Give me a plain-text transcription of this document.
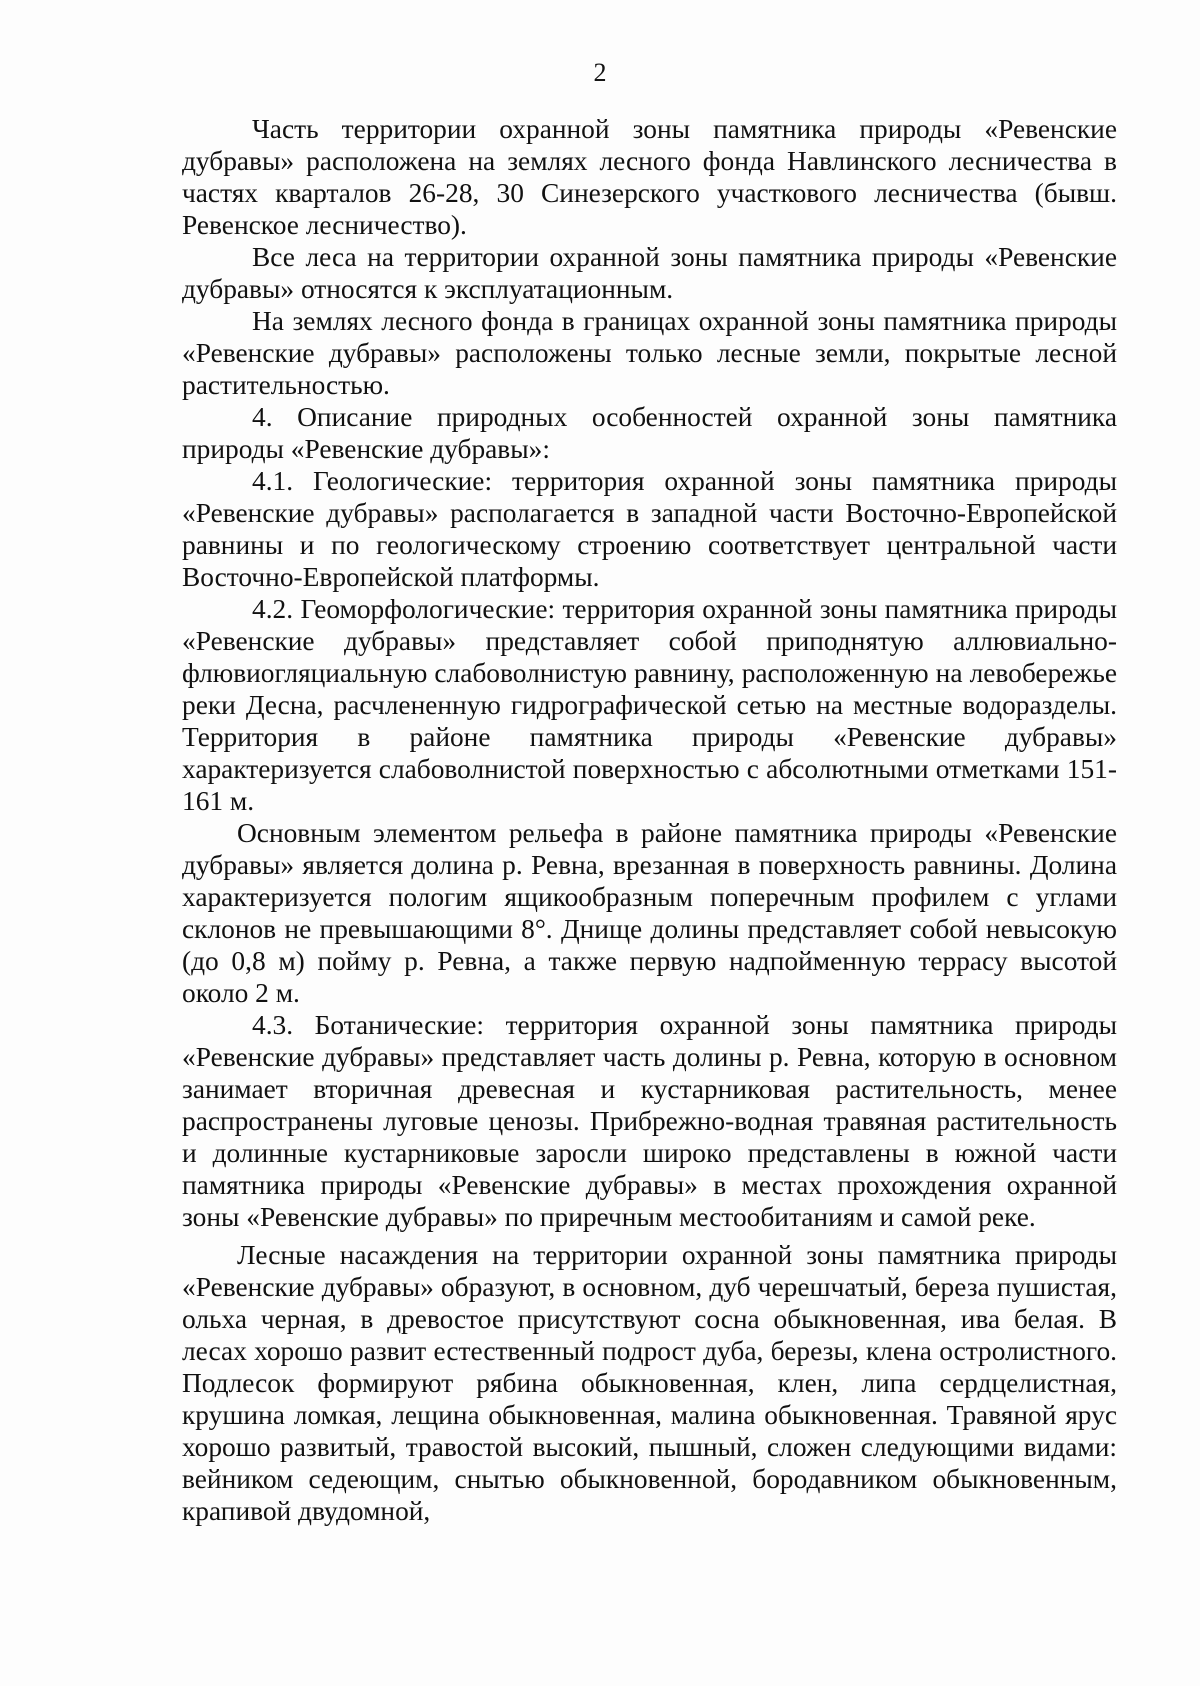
2

Часть территории охранной зоны памятника природы «Ревенские дубравы» расположена на землях лесного фонда Навлинского лесничества в частях кварталов 26-28, 30 Синезерского участкового лесничества (бывш. Ревенское лесничество).

Все леса на территории охранной зоны памятника природы «Ревенские дубравы» относятся к эксплуатационным.

На землях лесного фонда в границах охранной зоны памятника природы «Ревенские дубравы» расположены только лесные земли, покрытые лесной растительностью.

4. Описание природных особенностей охранной зоны памятника природы «Ревенские дубравы»:

4.1. Геологические: территория охранной зоны памятника природы «Ревенские дубравы» располагается в западной части Восточно-Европейской равнины и по геологическому строению соответствует центральной части Восточно-Европейской платформы.

4.2. Геоморфологические: территория охранной зоны памятника природы «Ревенские дубравы» представляет собой приподнятую аллювиально-флювиогляциальную слабоволнистую равнину, расположенную на левобережье реки Десна, расчлененную гидрографической сетью на местные водоразделы. Территория в районе памятника природы «Ревенские дубравы» характеризуется слабоволнистой поверхностью с абсолютными отметками 151-161 м.

Основным элементом рельефа в районе памятника природы «Ревенские дубравы» является долина р. Ревна, врезанная в поверхность равнины. Долина характеризуется пологим ящикообразным поперечным профилем с углами склонов не превышающими 8°. Днище долины представляет собой невысокую (до 0,8 м) пойму р. Ревна, а также первую надпойменную террасу высотой около 2 м.

4.3. Ботанические: территория охранной зоны памятника природы «Ревенские дубравы» представляет часть долины р. Ревна, которую в основном занимает вторичная древесная и кустарниковая растительность, менее распространены луговые ценозы. Прибрежно-водная травяная растительность и долинные кустарниковые заросли широко представлены в южной части памятника природы «Ревенские дубравы» в местах прохождения охранной зоны «Ревенские дубравы» по приречным местообитаниям и самой реке.

Лесные насаждения на территории охранной зоны памятника природы «Ревенские дубравы» образуют, в основном, дуб черешчатый, береза пушистая, ольха черная, в древостое присутствуют сосна обыкновенная, ива белая. В лесах хорошо развит естественный подрост дуба, березы, клена остролистного. Подлесок формируют рябина обыкновенная, клен, липа сердцелистная, крушина ломкая, лещина обыкновенная, малина обыкновенная. Травяной ярус хорошо развитый, травостой высокий, пышный, сложен следующими видами: вейником седеющим, снытью обыкновенной, бородавником обыкновенным, крапивой двудомной,
